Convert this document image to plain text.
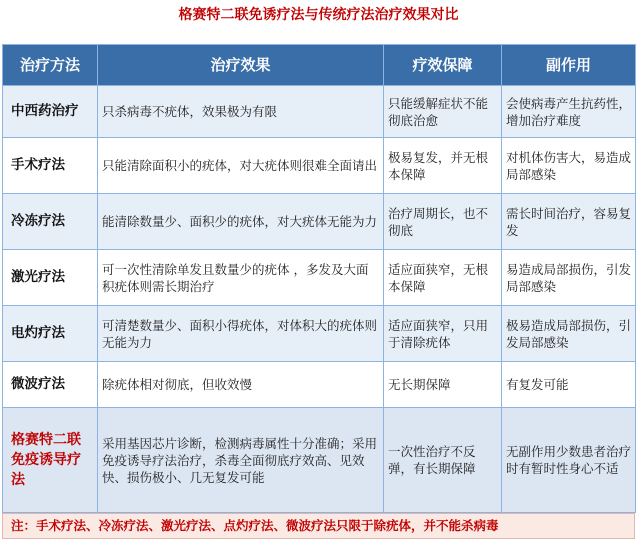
格赛特二联免诱疗法与传统疗法治疗效果对比
治疗方法	治疗效果	疗效保障	副作用
中西药治疗	只杀病毒不疣体，效果极为有限	只能缓解症状不能彻底治愈	会使病毒产生抗药性，增加治疗难度
手术疗法	只能清除面积小的疣体，对大疣体则很难全面请出	极易复发，并无根本保障	对机体伤害大，易造成局部感染
冷冻疗法	能清除数量少、面积少的疣体，对大疣体无能为力	治疗周期长，也不彻底	需长时间治疗，容易复发
激光疗法	可一次性清除单发且数量少的疣体 ，多发及大面积疣体则需长期治疗	适应面狭窄，无根本保障	易造成局部损伤，引发局部感染
电灼疗法	可清楚数量少、面积小得疣体，对体积大的疣体则无能为力	适应面狭窄，只用于清除疣体	极易造成局部损伤，引发局部感染
微波疗法	除疣体相对彻底，但收效慢	无长期保障	有复发可能
格赛特二联免疫诱导疗法	采用基因芯片诊断，检测病毒属性十分准确；采用免疫诱导疗法治疗，杀毒全面彻底疗效高、见效快、损伤极小、几无复发可能	一次性治疗不反弹，有长期保障	无副作用少数患者治疗时有暂时性身心不适
注：手术疗法、冷冻疗法、激光疗法、点灼疗法、微波疗法只限于除疣体，并不能杀病毒
